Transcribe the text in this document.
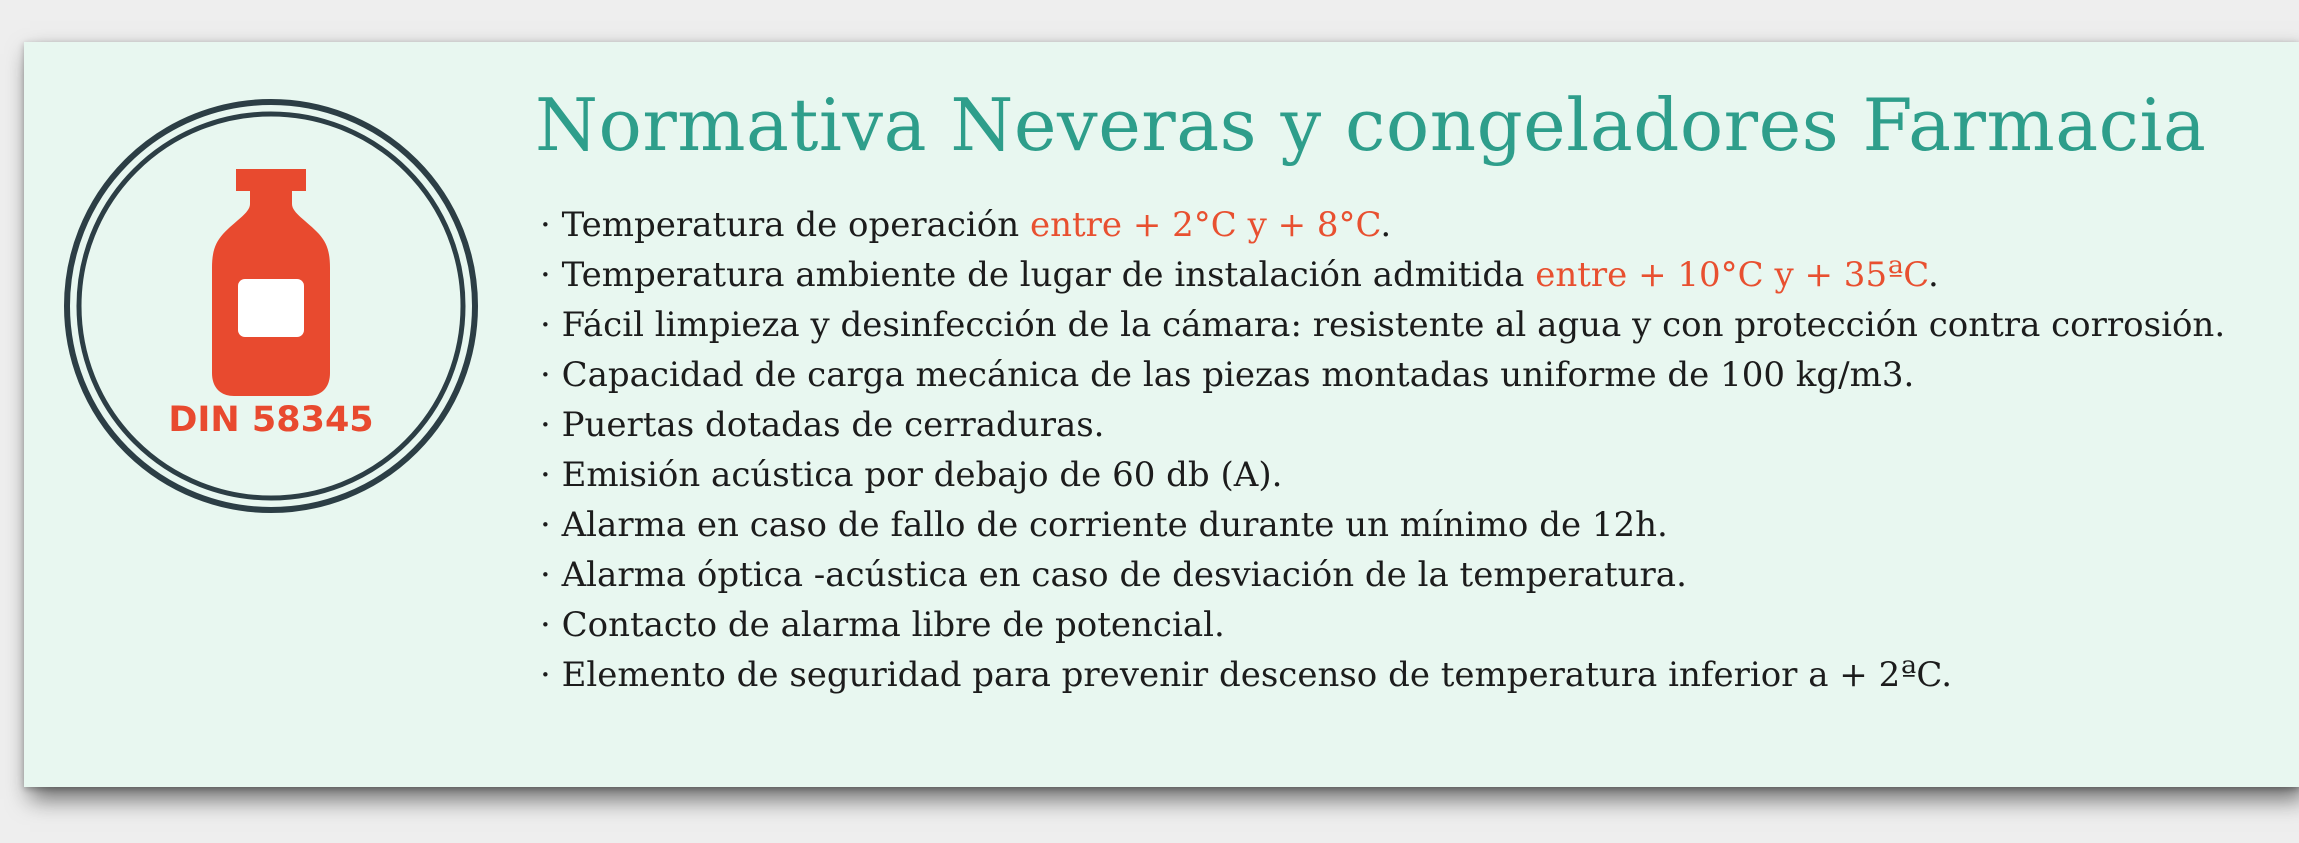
DIN 58345
Normativa Neveras y congeladores Farmacia
· Temperatura de operación entre + 2°C y + 8°C.
· Temperatura ambiente de lugar de instalación admitida entre + 10°C y + 35ªC.
· Fácil limpieza y desinfección de la cámara: resistente al agua y con protección contra corrosión.
· Capacidad de carga mecánica de las piezas montadas uniforme de 100 kg/m3.
· Puertas dotadas de cerraduras.
· Emisión acústica por debajo de 60 db (A).
· Alarma en caso de fallo de corriente durante un mínimo de 12h.
· Alarma óptica -acústica en caso de desviación de la temperatura.
· Contacto de alarma libre de potencial.
· Elemento de seguridad para prevenir descenso de temperatura inferior a + 2ªC.
